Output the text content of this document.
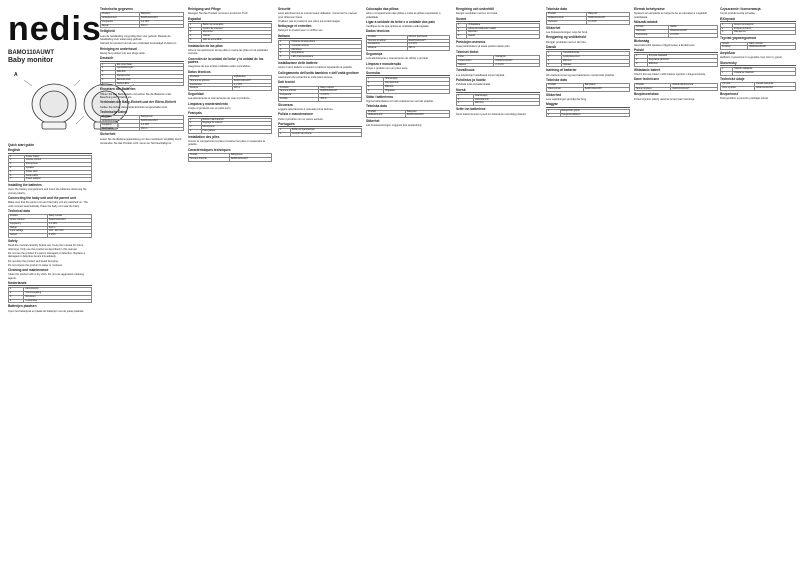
nedis
BAMO110AUWT
Baby monitor
A
Quick start guide
English
1	Power button
2	Volume control
3	Microphone
4	Speaker
5	Power LED
6	Audio LEDs
7	Power adapter
Installing the batteries
Open the battery compartment and insert the batteries observing the correct polarity.
Connecting the baby unit and the parent unit
Make sure that the parent unit and the baby unit are switched on. The units connect automatically. Place the baby unit near the baby.
Technical data
Product	Baby monitor
Article number	BAMO110AUWT
Frequency	2.4 GHz
Range	300 m
Input voltage	100 - 240 VAC
Output	6 VDC
Safety
Read the manual carefully before use. Keep the manual for future reference. Only use the product as described in this manual.
Do not use the product if a part is damaged or defective. Replace a damaged or defective device immediately.
Do not drop the product and avoid bumping.
Do not expose the product to water or moisture.
Cleaning and maintenance
Clean the product with a dry cloth. Do not use aggressive cleaning agents.
Nederlands
1	Aan/uit-knop
2	Volumeregeling
3	Microfoon
4	Luidspreker
Batterijen plaatsen
Open het batterijvak en plaats de batterijen met de juiste polariteit.
Technische gegevens
Product	Babyfoon
Artikelnummer	BAMO110AUWT
Frequentie	2,4 GHz
Bereik	300 m
Veiligheid
Lees de handleiding zorgvuldig door voor gebruik. Bewaar de handleiding voor toekomstig gebruik.
Gebruik het product niet als een onderdeel beschadigd of defect is.
Reiniging en onderhoud
Reinig het product met een droge doek.
Deutsch
1	Ein-/Aus-Taste
2	Lautstärkeregler
3	Mikrofon
4	Lautsprecher
5	Betriebs-LED
6	Audio-LEDs
Einsetzen der Batterien
Öffnen Sie das Batteriefach und setzen Sie die Batterien unter Beachtung der Polarität ein.
Verbinden der Baby-Einheit und der Eltern-Einheit
Stellen Sie sicher, dass beide Einheiten eingeschaltet sind.
Technische Daten
Produkt	Babyphone
Artikelnummer	BAMO110AUWT
Frequenz	2,4 GHz
Reichweite	300 m
Sicherheit
Lesen Sie die Bedienungsanleitung vor dem Gebrauch sorgfältig durch.
Verwenden Sie das Produkt nicht, wenn ein Teil beschädigt ist.
Reinigung und Pflege
Reinigen Sie das Produkt mit einem trockenen Tuch.
Español
1	Botón de encendido
2	Control de volumen
3	Micrófono
4	Altavoz
5	LED de encendido
Instalación de las pilas
Abra el compartimento de las pilas e inserte las pilas con la polaridad correcta.
Conexión de la unidad del bebé y la unidad de los padres
Asegúrese de que ambas unidades estén encendidas.
Datos técnicos
Producto	Vigilabebés
Número de artículo	BAMO110AUWT
Frecuencia	2,4 GHz
Alcance	300 m
Seguridad
Lea atentamente el manual antes de usar el producto.
Limpieza y mantenimiento
Limpie el producto con un paño seco.
Français
1	Bouton marche/arrêt
2	Réglage du volume
3	Microphone
4	Haut-parleur
Installation des piles
Ouvrez le compartiment à piles et insérez les piles en respectant la polarité.
Caractéristiques techniques
Produit	Babyphone
Numéro d'article	BAMO110AUWT
Sécurité
Lisez attentivement le manuel avant utilisation. Conservez le manuel pour référence future.
N'utilisez pas le produit si une pièce est endommagée.
Nettoyage et entretien
Nettoyez le produit avec un chiffon sec.
Italiano
1	Pulsante di accensione
2	Controllo volume
3	Microfono
4	Altoparlante
5	LED di alimentazione
Installazione delle batterie
Aprire il vano batterie e inserire le batterie rispettando la polarità.
Collegamento dell'unità bambino e dell'unità genitore
Assicurarsi che entrambe le unità siano accese.
Dati tecnici
Prodotto	Baby monitor
Numero articolo	BAMO110AUWT
Frequenza	2,4 GHz
Portata	300 m
Sicurezza
Leggere attentamente il manuale prima dell'uso.
Pulizia e manutenzione
Pulire il prodotto con un panno asciutto.
Português
1	Botão de ligar/desligar
2	Controlo do volume
Colocação das pilhas
Abra o compartimento das pilhas e insira as pilhas respeitando a polaridade.
Ligar a unidade do bebé e a unidade dos pais
Certifique-se de que ambas as unidades estão ligadas.
Dados técnicos
Produto	Monitor para bebé
Número do artigo	BAMO110AUWT
Frequência	2,4 GHz
Alcance	300 m
Segurança
Leia atentamente o manual antes de utilizar o produto.
Limpeza e manutenção
Limpe o produto com um pano seco.
Svenska
1	Strömknapp
2	Volymkontroll
3	Mikrofon
4	Högtalare
Sätta i batterierna
Öppna batterifacket och sätt i batterierna med rätt polaritet.
Tekniska data
Produkt	Babyvakt
Artikelnummer	BAMO110AUWT
Säkerhet
Läs bruksanvisningen noggrant före användning.
Rengöring och underhåll
Rengör produkten med en torr trasa.
Suomi
1	Virtapainike
2	Äänenvoimakkuuden säätö
3	Mikrofoni
4	Kaiutin
Paristojen asennus
Avaa paristolokero ja aseta paristot oikein päin.
Tekniset tiedot
Tuote	Itkuhälytin
Tuotenumero	BAMO110AUWT
Taajuus	2,4 GHz
Turvallisuus
Lue käyttöohje huolellisesti ennen käyttöä.
Puhdistus ja huolto
Puhdista tuote kuivalla liinalla.
Norsk
1	Strømknapp
2	Volumkontroll
3	Mikrofon
Sette inn batteriene
Åpne batterirommet og sett inn batteriene med riktig polaritet.
Tekniske data
Produkt	Babycall
Artikkelnummer	BAMO110AUWT
Frekvens	2,4 GHz
Sikkerhet
Les bruksanvisningen nøye før bruk.
Rengjøring og vedlikehold
Rengjør produktet med en tørr klut.
Dansk
1	Tænd/sluk-knap
2	Lydstyrkekontrol
3	Mikrofon
4	Højttaler
Isætning af batterier
Åbn batterirummet og isæt batterierne med korrekt polaritet.
Tekniske data
Produkt	Babyalarm
Varenummer	BAMO110AUWT
Sikkerhed
Læs vejledningen grundigt før brug.
Magyar
1	Bekapcsoló gomb
2	Hangerőszabályzó
Elemek behelyezése
Nyissa ki az elemtartót és helyezze be az elemeket a megfelelő polaritással.
Műszaki adatok
Termék	Bébiőr
Cikkszám	BAMO110AUWT
Frekvencia	2,4 GHz
Biztonság
Használat előtt olvassa el figyelmesen a kézikönyvet.
Polski
1	Przycisk zasilania
2	Regulacja głośności
3	Mikrofon
Wkładanie baterii
Otwórz komorę baterii i włóż baterie zgodnie z biegunowością.
Dane techniczne
Produkt	Niania elektroniczna
Numer artykułu	BAMO110AUWT
Bezpieczeństwo
Przed użyciem należy uważnie przeczytać instrukcję.
Czyszczenie i konserwacja
Czyść produkt suchą szmatką.
Ελληνικά
1	Κουμπί λειτουργίας
2	Ρύθμιση έντασης
3	Μικρόφωνο
Τεχνικά χαρακτηριστικά
Προϊόν	Baby monitor
Κωδικός	BAMO110AUWT
Ασφάλεια
Διαβάστε προσεκτικά το εγχειρίδιο πριν από τη χρήση.
Slovensky
1	Tlačidlo napájania
2	Ovládanie hlasitosti
Technické údaje
Výrobok	Detská pestúnka
Číslo výrobku	BAMO110AUWT
Bezpečnosť
Pred použitím si pozorne prečítajte návod.
